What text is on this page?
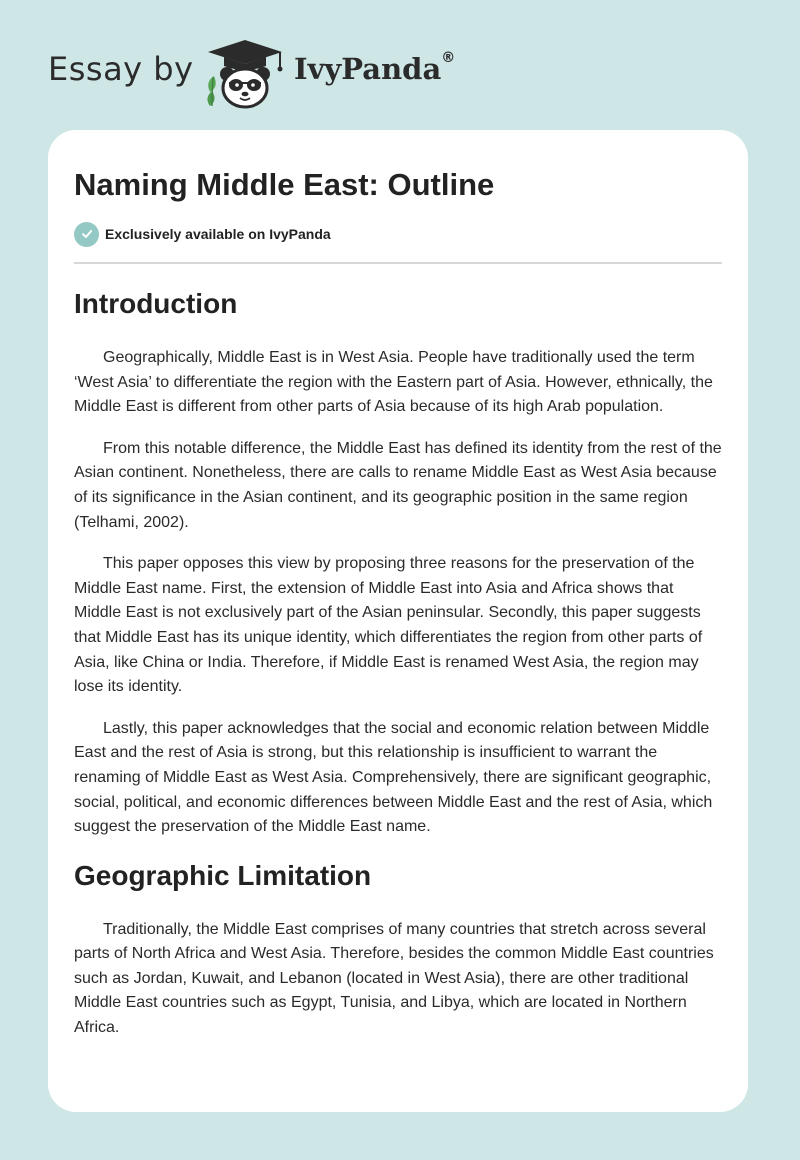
Essay by	IvyPanda®
Naming Middle East: Outline
Exclusively available on IvyPanda
Introduction

Geographically, Middle East is in West Asia. People have traditionally used the term ‘West Asia’ to differentiate the region with the Eastern part of Asia. However, ethnically, the Middle East is different from other parts of Asia because of its high Arab population.

From this notable difference, the Middle East has defined its identity from the rest of the Asian continent. Nonetheless, there are calls to rename Middle East as West Asia because of its significance in the Asian continent, and its geographic position in the same region (Telhami, 2002).

This paper opposes this view by proposing three reasons for the preservation of the Middle East name. First, the extension of Middle East into Asia and Africa shows that Middle East is not exclusively part of the Asian peninsular. Secondly, this paper suggests that Middle East has its unique identity, which differentiates the region from other parts of Asia, like China or India. Therefore, if Middle East is renamed West Asia, the region may lose its identity.

Lastly, this paper acknowledges that the social and economic relation between Middle East and the rest of Asia is strong, but this relationship is insufficient to warrant the renaming of Middle East as West Asia. Comprehensively, there are significant geographic, social, political, and economic differences between Middle East and the rest of Asia, which suggest the preservation of the Middle East name.

Geographic Limitation

Traditionally, the Middle East comprises of many countries that stretch across several parts of North Africa and West Asia. Therefore, besides the common Middle East countries such as Jordan, Kuwait, and Lebanon (located in West Asia), there are other traditional Middle East countries such as Egypt, Tunisia, and Libya, which are located in Northern Africa.
